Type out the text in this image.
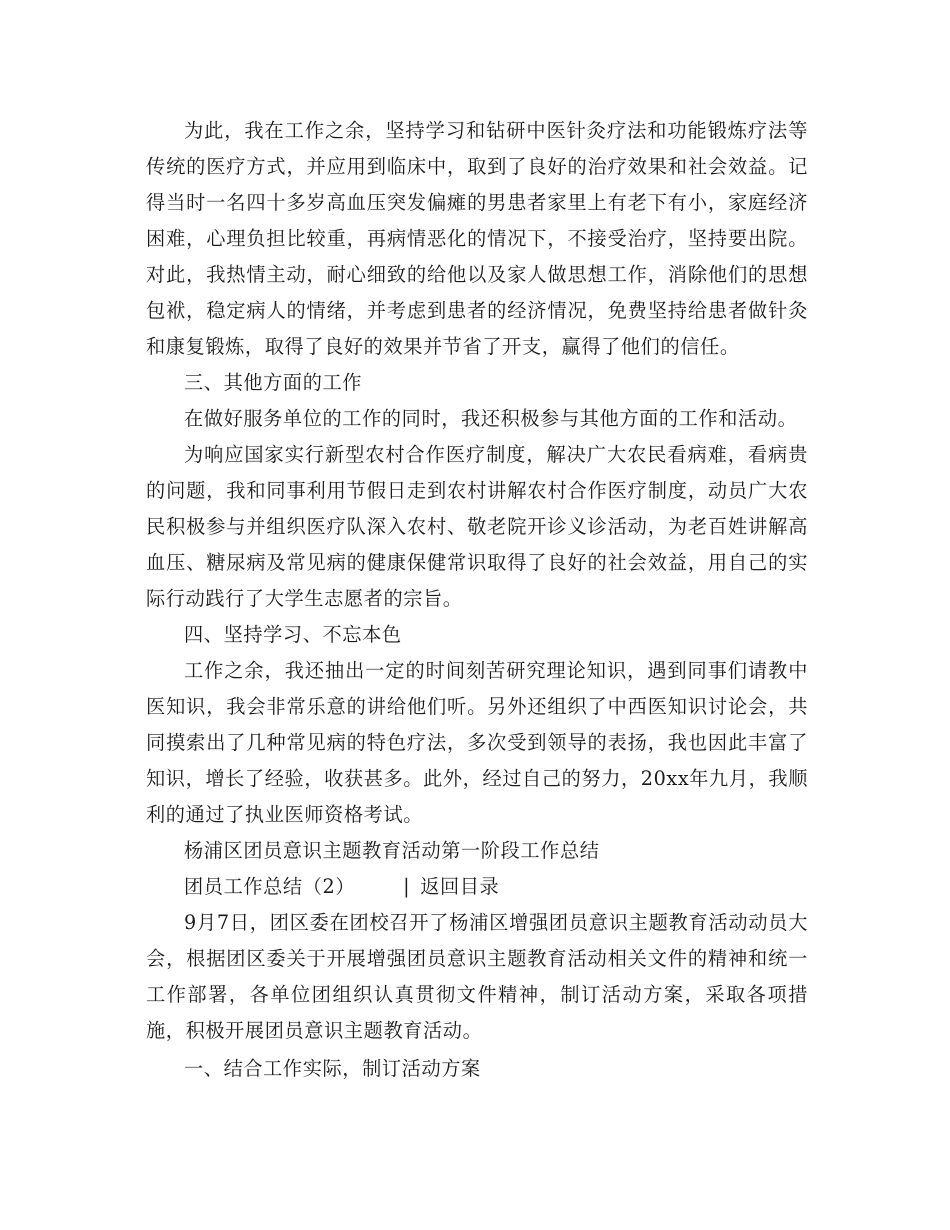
为此，我在工作之余，坚持学习和钻研中医针灸疗法和功能锻炼疗法等传统的医疗方式，并应用到临床中，取到了良好的治疗效果和社会效益。记得当时一名四十多岁高血压突发偏瘫的男患者家里上有老下有小，家庭经济困难，心理负担比较重，再病情恶化的情况下，不接受治疗，坚持要出院。对此，我热情主动，耐心细致的给他以及家人做思想工作，消除他们的思想包袱，稳定病人的情绪，并考虑到患者的经济情况，免费坚持给患者做针灸和康复锻炼，取得了良好的效果并节省了开支，赢得了他们的信任。

三、其他方面的工作

在做好服务单位的工作的同时，我还积极参与其他方面的工作和活动。

为响应国家实行新型农村合作医疗制度，解决广大农民看病难，看病贵的问题，我和同事利用节假日走到农村讲解农村合作医疗制度，动员广大农民积极参与并组织医疗队深入农村、敬老院开诊义诊活动，为老百姓讲解高血压、糖尿病及常见病的健康保健常识取得了良好的社会效益，用自己的实际行动践行了大学生志愿者的宗旨。

四、坚持学习、不忘本色

工作之余，我还抽出一定的时间刻苦研究理论知识，遇到同事们请教中医知识，我会非常乐意的讲给他们听。另外还组织了中西医知识讨论会，共同摸索出了几种常见病的特色疗法，多次受到领导的表扬，我也因此丰富了知识，增长了经验，收获甚多。此外，经过自己的努力，20xx年九月，我顺利的通过了执业医师资格考试。

杨浦区团员意识主题教育活动第一阶段工作总结

团员工作总结（2）	| 返回目录

9月7日，团区委在团校召开了杨浦区增强团员意识主题教育活动动员大会，根据团区委关于开展增强团员意识主题教育活动相关文件的精神和统一工作部署，各单位团组织认真贯彻文件精神，制订活动方案，采取各项措施，积极开展团员意识主题教育活动。

一、结合工作实际，制订活动方案
